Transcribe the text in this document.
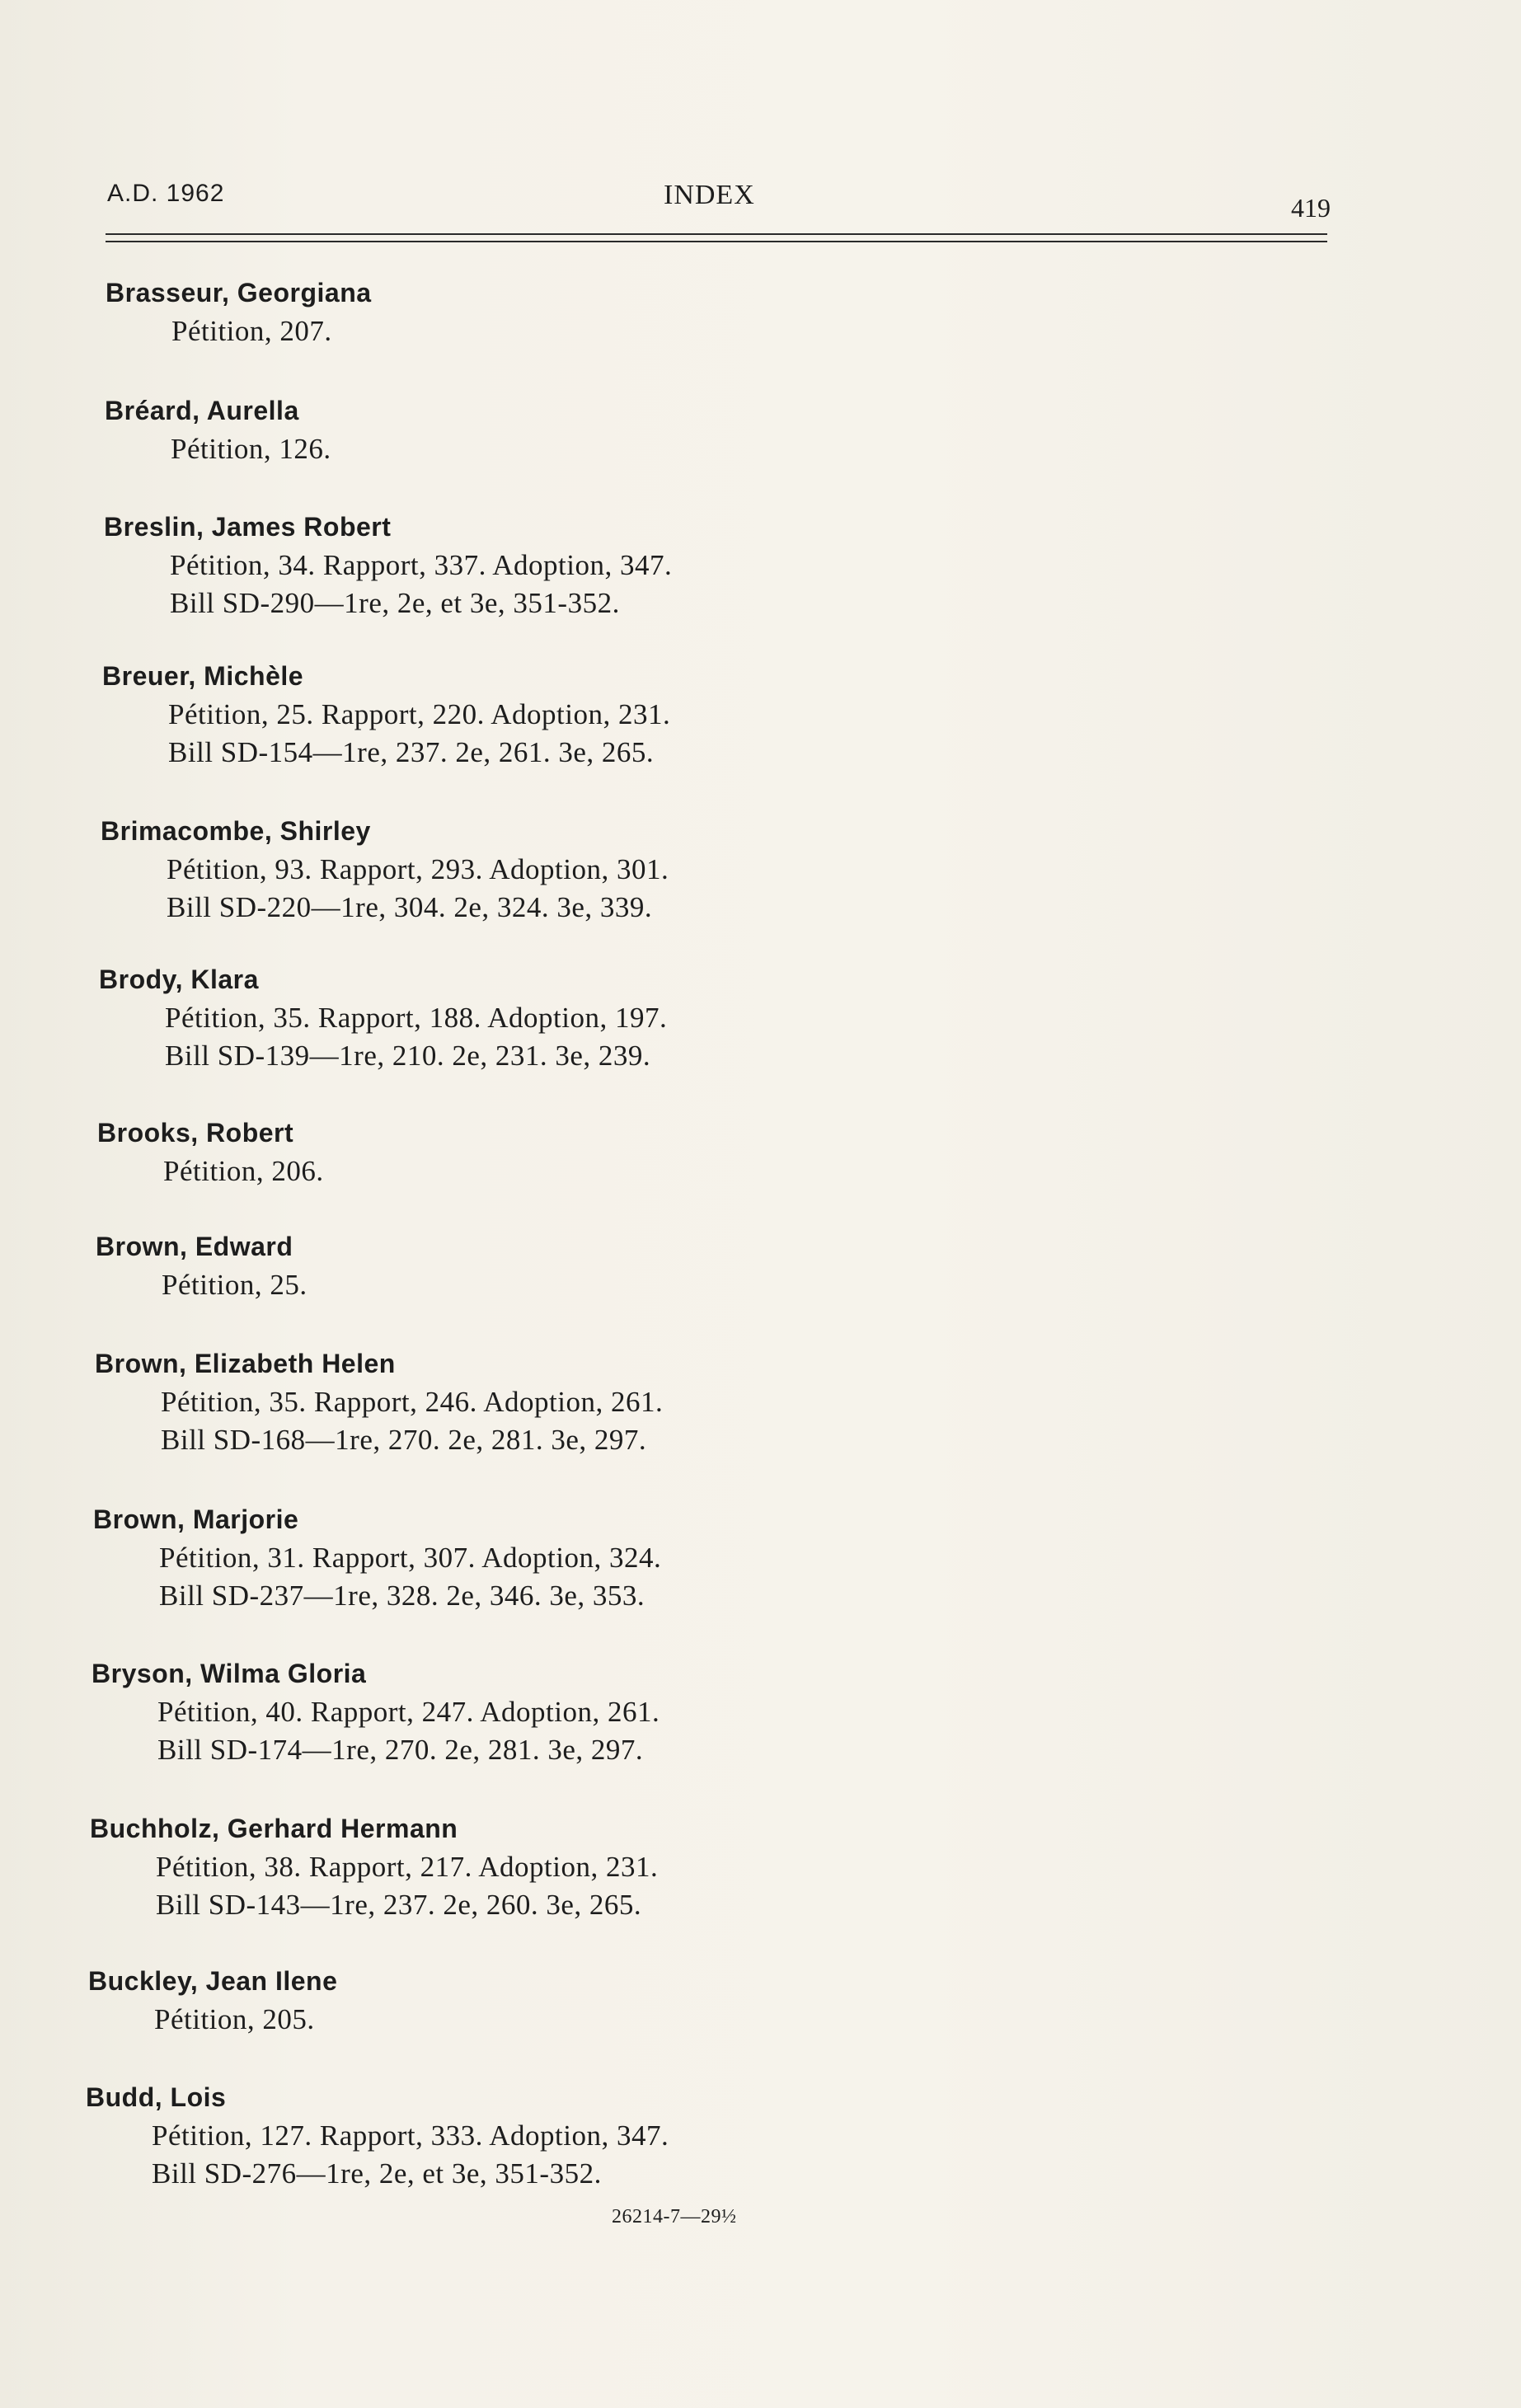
A.D. 1962	INDEX	419
Brasseur, Georgiana
Pétition, 207.
Bréard, Aurella
Pétition, 126.
Breslin, James Robert
Pétition, 34. Rapport, 337. Adoption, 347.
Bill SD-290—1re, 2e, et 3e, 351-352.
Breuer, Michèle
Pétition, 25. Rapport, 220. Adoption, 231.
Bill SD-154—1re, 237. 2e, 261. 3e, 265.
Brimacombe, Shirley
Pétition, 93. Rapport, 293. Adoption, 301.
Bill SD-220—1re, 304. 2e, 324. 3e, 339.
Brody, Klara
Pétition, 35. Rapport, 188. Adoption, 197.
Bill SD-139—1re, 210. 2e, 231. 3e, 239.
Brooks, Robert
Pétition, 206.
Brown, Edward
Pétition, 25.
Brown, Elizabeth Helen
Pétition, 35. Rapport, 246. Adoption, 261.
Bill SD-168—1re, 270. 2e, 281. 3e, 297.
Brown, Marjorie
Pétition, 31. Rapport, 307. Adoption, 324.
Bill SD-237—1re, 328. 2e, 346. 3e, 353.
Bryson, Wilma Gloria
Pétition, 40. Rapport, 247. Adoption, 261.
Bill SD-174—1re, 270. 2e, 281. 3e, 297.
Buchholz, Gerhard Hermann
Pétition, 38. Rapport, 217. Adoption, 231.
Bill SD-143—1re, 237. 2e, 260. 3e, 265.
Buckley, Jean Ilene
Pétition, 205.
Budd, Lois
Pétition, 127. Rapport, 333. Adoption, 347.
Bill SD-276—1re, 2e, et 3e, 351-352.
26214-7—29½
